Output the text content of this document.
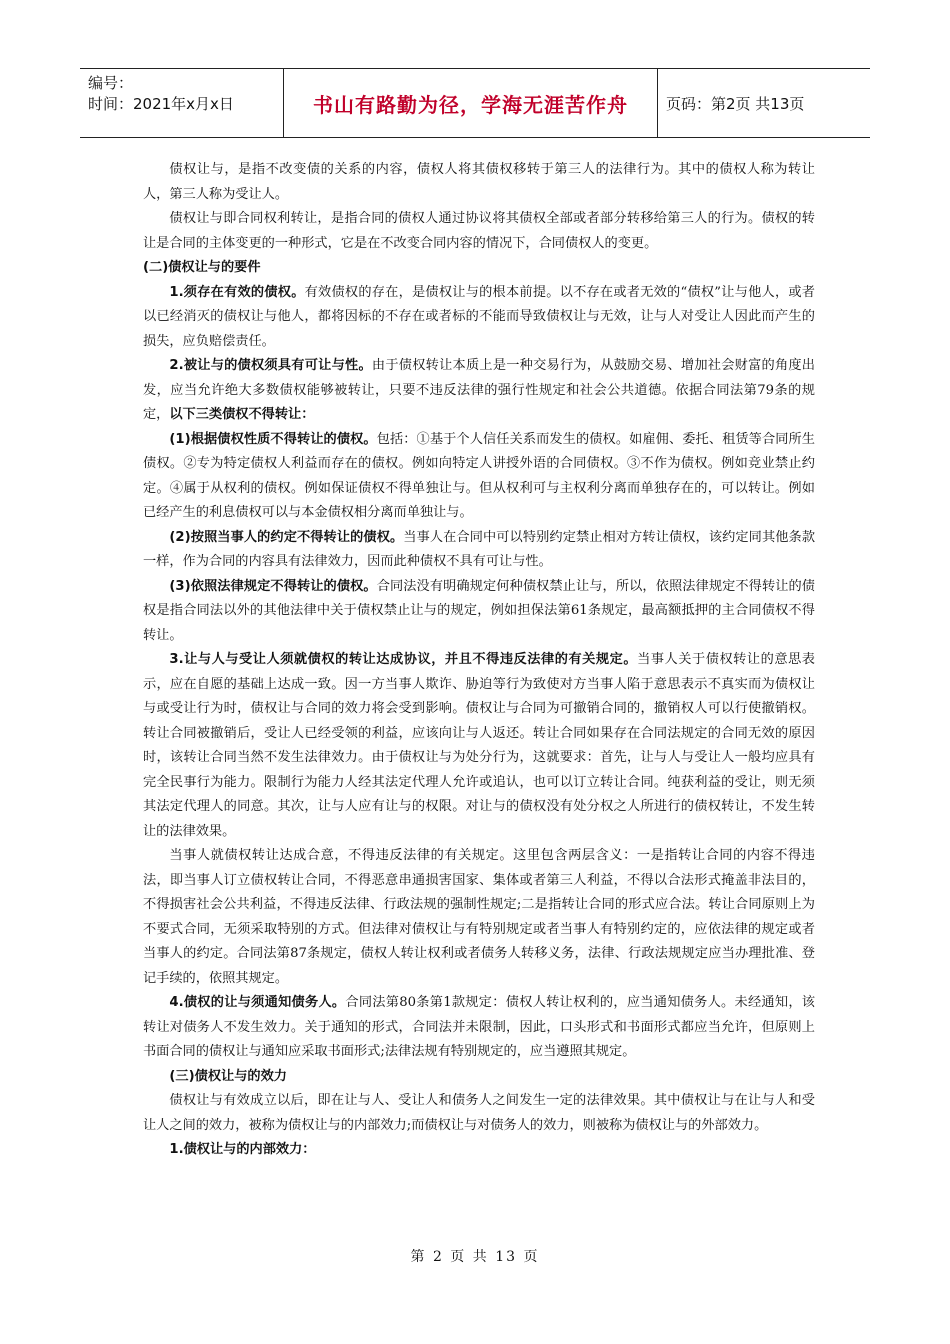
编号：
时间：2021年x月x日	书山有路勤为径，学海无涯苦作舟	页码：第2页 共13页

债权让与，是指不改变债的关系的内容，债权人将其债权移转于第三人的法律行为。其中的债权人称为转让人，第三人称为受让人。

债权让与即合同权利转让，是指合同的债权人通过协议将其债权全部或者部分转移给第三人的行为。债权的转让是合同的主体变更的一种形式，它是在不改变合同内容的情况下，合同债权人的变更。

(二)债权让与的要件

1.须存在有效的债权。有效债权的存在，是债权让与的根本前提。以不存在或者无效的“债权”让与他人，或者以已经消灭的债权让与他人，都将因标的不存在或者标的不能而导致债权让与无效，让与人对受让人因此而产生的损失，应负赔偿责任。

2.被让与的债权须具有可让与性。由于债权转让本质上是一种交易行为，从鼓励交易、增加社会财富的角度出发，应当允许绝大多数债权能够被转让，只要不违反法律的强行性规定和社会公共道德。依据合同法第79条的规定，以下三类债权不得转让：

(1)根据债权性质不得转让的债权。包括：①基于个人信任关系而发生的债权。如雇佣、委托、租赁等合同所生债权。②专为特定债权人利益而存在的债权。例如向特定人讲授外语的合同债权。③不作为债权。例如竞业禁止约定。④属于从权利的债权。例如保证债权不得单独让与。但从权利可与主权利分离而单独存在的，可以转让。例如已经产生的利息债权可以与本金债权相分离而单独让与。

(2)按照当事人的约定不得转让的债权。当事人在合同中可以特别约定禁止相对方转让债权，该约定同其他条款一样，作为合同的内容具有法律效力，因而此种债权不具有可让与性。

(3)依照法律规定不得转让的债权。合同法没有明确规定何种债权禁止让与，所以，依照法律规定不得转让的债权是指合同法以外的其他法律中关于债权禁止让与的规定，例如担保法第61条规定，最高额抵押的主合同债权不得转让。

3.让与人与受让人须就债权的转让达成协议，并且不得违反法律的有关规定。当事人关于债权转让的意思表示，应在自愿的基础上达成一致。因一方当事人欺诈、胁迫等行为致使对方当事人陷于意思表示不真实而为债权让与或受让行为时，债权让与合同的效力将会受到影响。债权让与合同为可撤销合同的，撤销权人可以行使撤销权。转让合同被撤销后，受让人已经受领的利益，应该向让与人返还。转让合同如果存在合同法规定的合同无效的原因时，该转让合同当然不发生法律效力。由于债权让与为处分行为，这就要求：首先，让与人与受让人一般均应具有完全民事行为能力。限制行为能力人经其法定代理人允许或追认，也可以订立转让合同。纯获利益的受让，则无须其法定代理人的同意。其次，让与人应有让与的权限。对让与的债权没有处分权之人所进行的债权转让，不发生转让的法律效果。

当事人就债权转让达成合意，不得违反法律的有关规定。这里包含两层含义：一是指转让合同的内容不得违法，即当事人订立债权转让合同，不得恶意串通损害国家、集体或者第三人利益，不得以合法形式掩盖非法目的，不得损害社会公共利益，不得违反法律、行政法规的强制性规定;二是指转让合同的形式应合法。转让合同原则上为不要式合同，无须采取特别的方式。但法律对债权让与有特别规定或者当事人有特别约定的，应依法律的规定或者当事人的约定。合同法第87条规定，债权人转让权利或者债务人转移义务，法律、行政法规规定应当办理批准、登记手续的，依照其规定。

4.债权的让与须通知债务人。合同法第80条第1款规定：债权人转让权利的，应当通知债务人。未经通知，该转让对债务人不发生效力。关于通知的形式，合同法并未限制，因此，口头形式和书面形式都应当允许，但原则上书面合同的债权让与通知应采取书面形式;法律法规有特别规定的，应当遵照其规定。

(三)债权让与的效力

债权让与有效成立以后，即在让与人、受让人和债务人之间发生一定的法律效果。其中债权让与在让与人和受让人之间的效力，被称为债权让与的内部效力;而债权让与对债务人的效力，则被称为债权让与的外部效力。

1.债权让与的内部效力：

第 2 页 共 13 页
